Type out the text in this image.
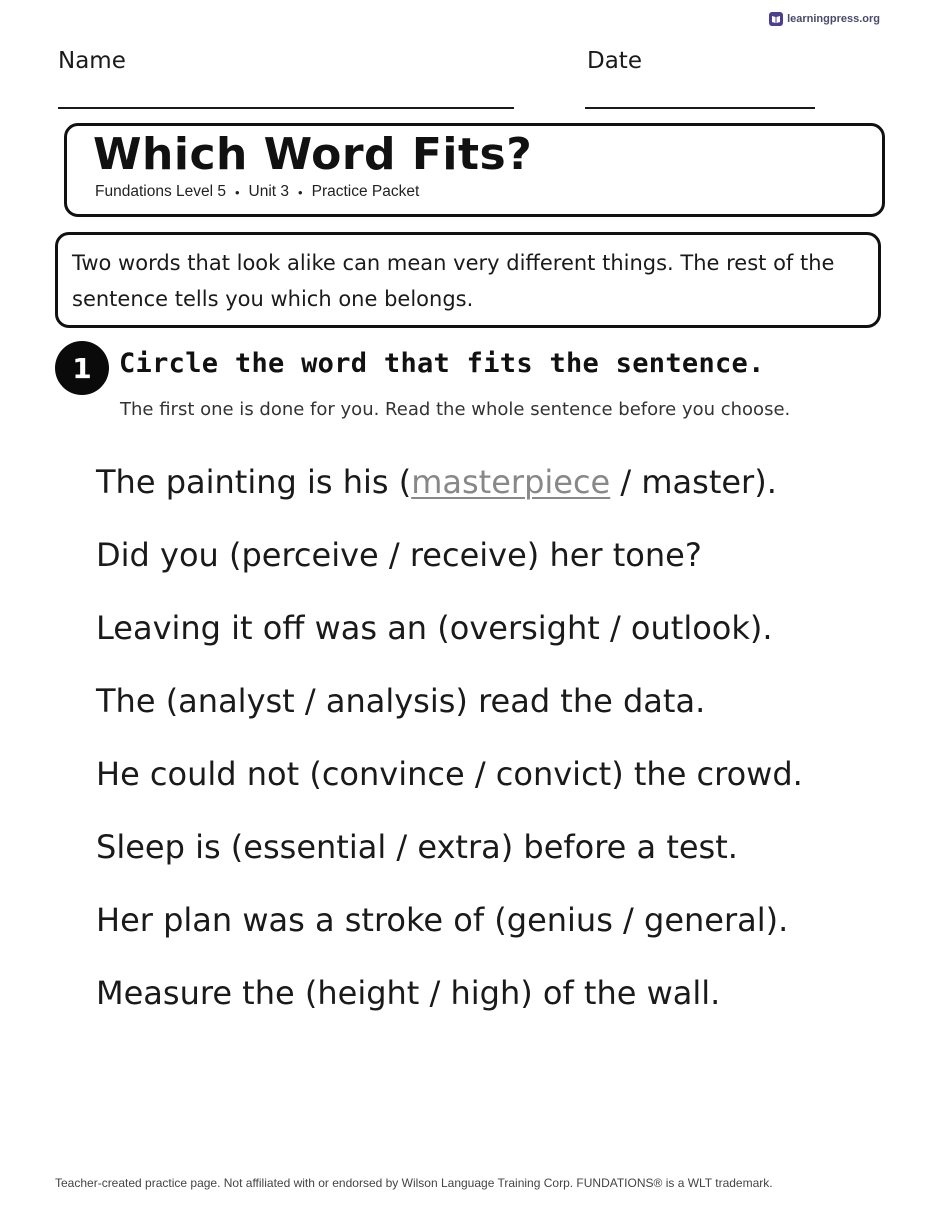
learningpress.org
Name	Date
Which Word Fits?
Fundations Level 5 • Unit 3 • Practice Packet
Two words that look alike can mean very different things. The rest of the sentence tells you which one belongs.
1	Circle the word that fits the sentence.
The first one is done for you. Read the whole sentence before you choose.
The painting is his (masterpiece / master).
Did you (perceive / receive) her tone?
Leaving it off was an (oversight / outlook).
The (analyst / analysis) read the data.
He could not (convince / convict) the crowd.
Sleep is (essential / extra) before a test.
Her plan was a stroke of (genius / general).
Measure the (height / high) of the wall.
Teacher-created practice page. Not affiliated with or endorsed by Wilson Language Training Corp. FUNDATIONS® is a WLT trademark.
